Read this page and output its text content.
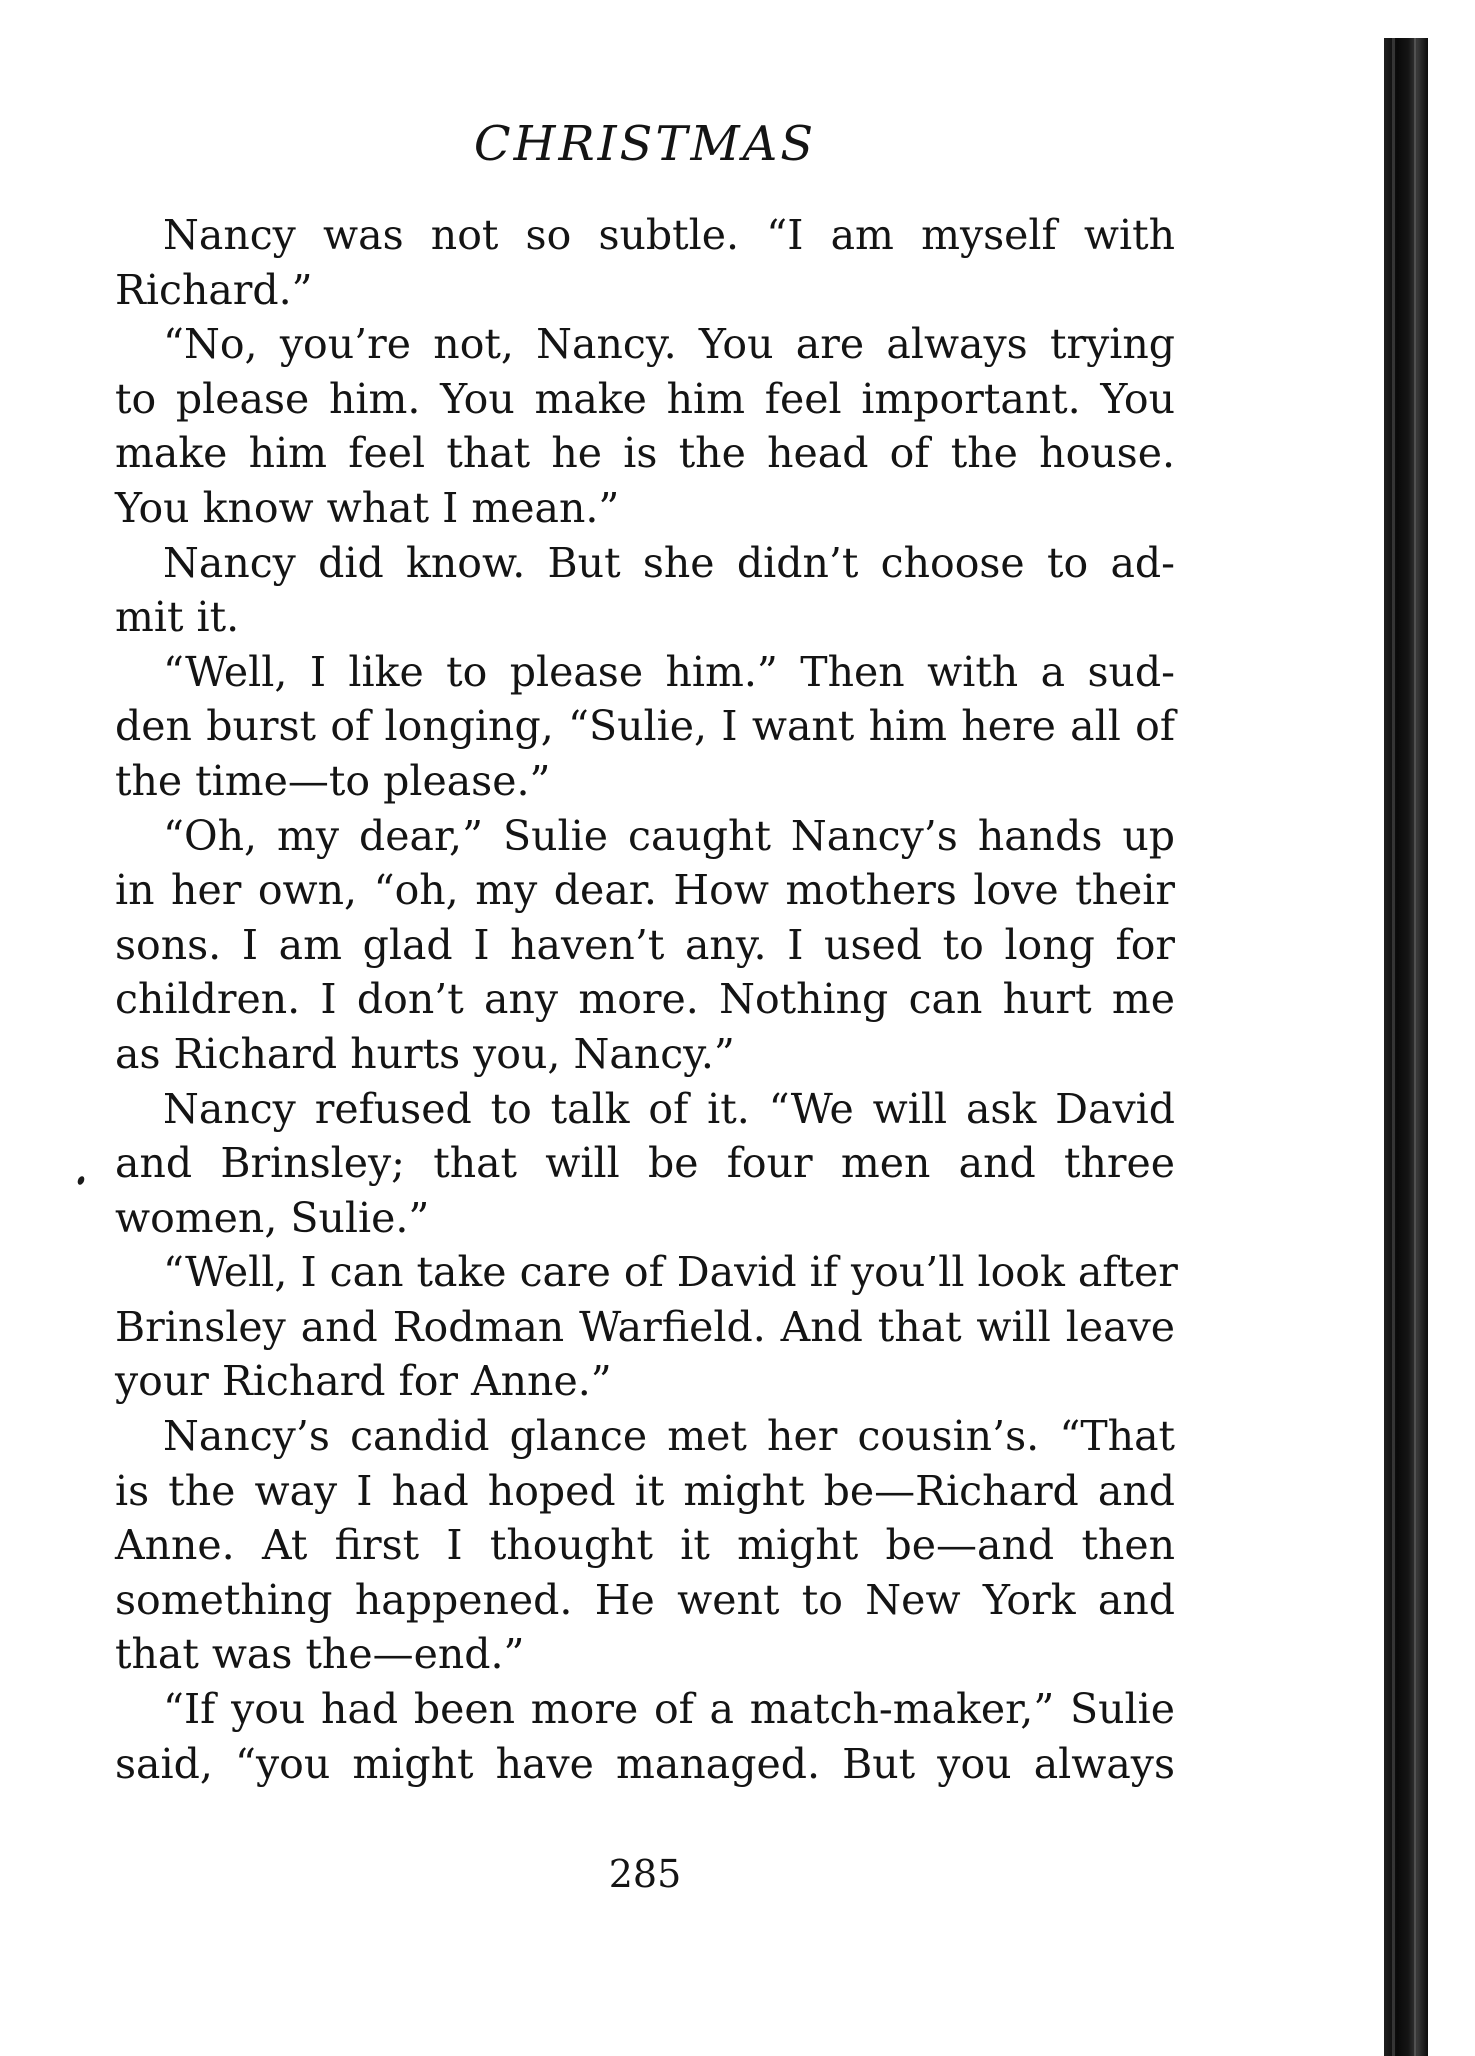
CHRISTMAS
Nancy was not so subtle. “I am myself with
Richard.”
“No, you’re not, Nancy. You are always trying
to please him. You make him feel important. You
make him feel that he is the head of the house.
You know what I mean.”
Nancy did know. But she didn’t choose to ad-
mit it.
“Well, I like to please him.” Then with a sud-
den burst of longing, “Sulie, I want him here all of
the time—to please.”
“Oh, my dear,” Sulie caught Nancy’s hands up
in her own, “oh, my dear. How mothers love their
sons. I am glad I haven’t any. I used to long for
children. I don’t any more. Nothing can hurt me
as Richard hurts you, Nancy.”
Nancy refused to talk of it. “We will ask David
and Brinsley; that will be four men and three
women, Sulie.”
“Well, I can take care of David if you’ll look after
Brinsley and Rodman Warfield. And that will leave
your Richard for Anne.”
Nancy’s candid glance met her cousin’s. “That
is the way I had hoped it might be—Richard and
Anne. At first I thought it might be—and then
something happened. He went to New York and
that was the—end.”
“If you had been more of a match-maker,” Sulie
said, “you might have managed. But you always
285
